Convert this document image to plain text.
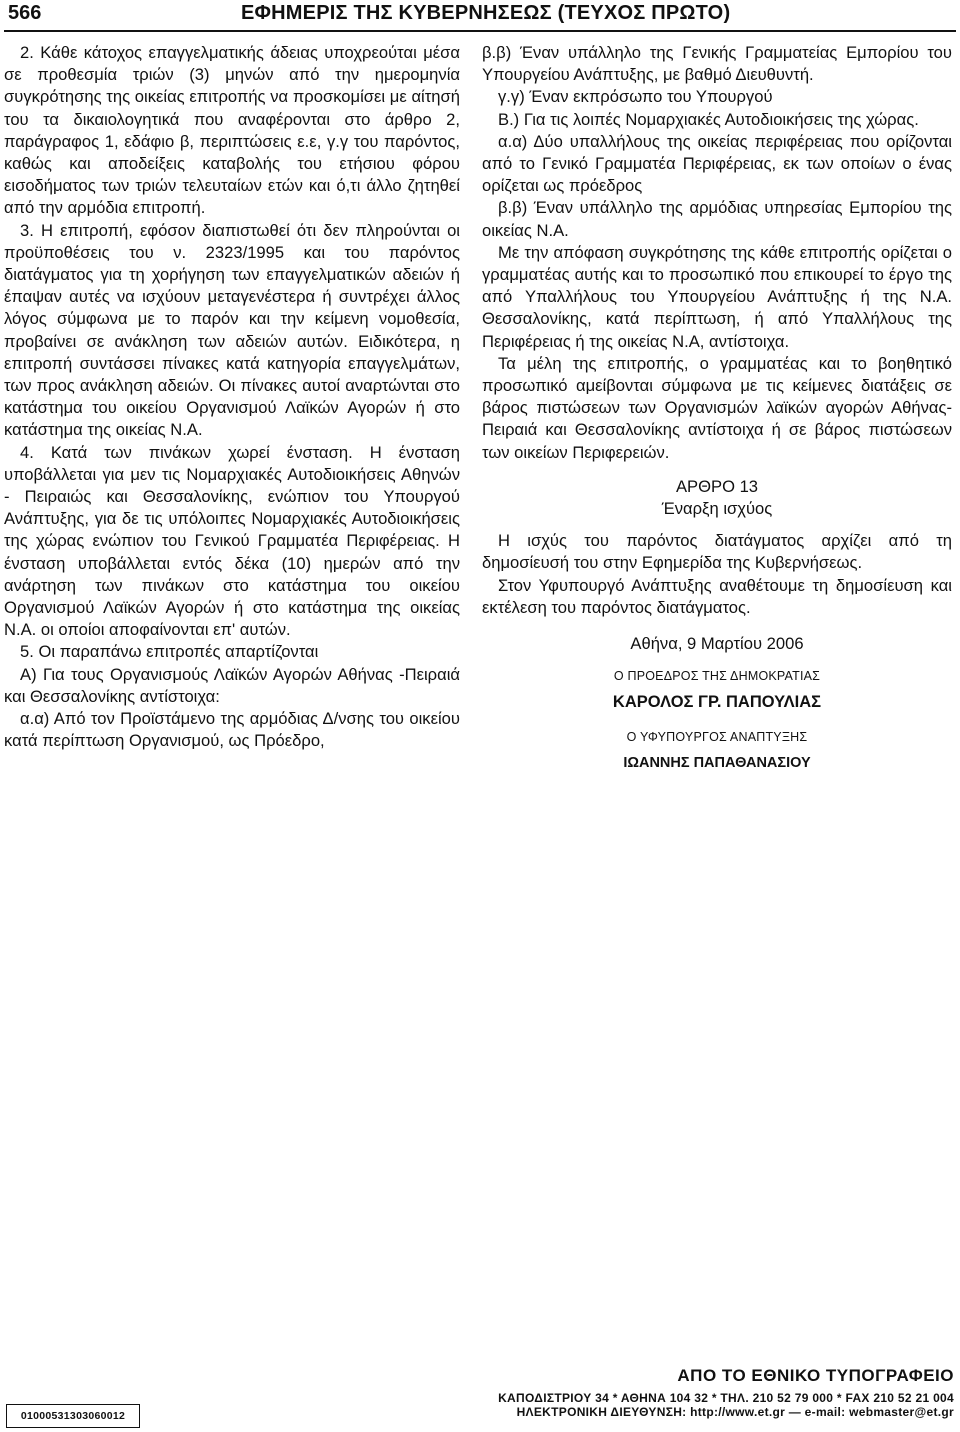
566	ΕΦΗΜΕΡΙΣ ΤΗΣ ΚΥΒΕΡΝΗΣΕΩΣ (ΤΕΥΧΟΣ ΠΡΩΤΟ)

2. Κάθε κάτοχος επαγγελματικής άδειας υποχρεούται μέσα σε προθεσμία τριών (3) μηνών από την ημερομηνία συγκρότησης της οικείας επιτροπής να προσκομίσει με αίτησή του τα δικαιολογητικά που αναφέρονται στο άρθρο 2, παράγραφος 1, εδάφιο β, περιπτώσεις ε.ε, γ.γ του παρόντος, καθώς και αποδείξεις καταβολής του ετήσιου φόρου εισοδήματος των τριών τελευταίων ετών και ό,τι άλλο ζητηθεί από την αρμόδια επιτροπή.

3. Η επιτροπή, εφόσον διαπιστωθεί ότι δεν πληρούνται οι προϋποθέσεις του ν. 2323/1995 και του παρόντος διατάγματος για τη χορήγηση των επαγγελματικών αδειών ή έπαψαν αυτές να ισχύουν μεταγενέστερα ή συντρέχει άλλος λόγος σύμφωνα με το παρόν και την κείμενη νομοθεσία, προβαίνει σε ανάκληση των αδειών αυτών. Ειδικότερα, η επιτροπή συντάσσει πίνακες κατά κατηγορία επαγγελμάτων, των προς ανάκληση αδειών. Οι πίνακες αυτοί αναρτώνται στο κατάστημα του οικείου Οργανισμού Λαϊκών Αγορών ή στο κατάστημα της οικείας Ν.Α.

4. Κατά των πινάκων χωρεί ένσταση. Η ένσταση υποβάλλεται για μεν τις Νομαρχιακές Αυτοδιοικήσεις Αθηνών - Πειραιώς και Θεσσαλονίκης, ενώπιον του Υπουργού Ανάπτυξης, για δε τις υπόλοιπες Νομαρχιακές Αυτοδιοικήσεις της χώρας ενώπιον του Γενικού Γραμματέα Περιφέρειας. Η ένσταση υποβάλλεται εντός δέκα (10) ημερών από την ανάρτηση των πινάκων στο κατάστημα του οικείου Οργανισμού Λαϊκών Αγορών ή στο κατάστημα της οικείας Ν.Α. οι οποίοι αποφαίνονται επ' αυτών.

5. Οι παραπάνω επιτροπές απαρτίζονται

Α) Για τους Οργανισμούς Λαϊκών Αγορών Αθήνας -Πειραιά και Θεσσαλονίκης αντίστοιχα:

α.α) Από τον Προϊστάμενο της αρμόδιας Δ/νσης του οικείου κατά περίπτωση Οργανισμού, ως Πρόεδρο,

β.β) Έναν υπάλληλο της Γενικής Γραμματείας Εμπορίου του Υπουργείου Ανάπτυξης, με βαθμό Διευθυντή.

γ.γ) Έναν εκπρόσωπο του Υπουργού

Β.) Για τις λοιπές Νομαρχιακές Αυτοδιοικήσεις της χώρας.

α.α) Δύο υπαλλήλους της οικείας περιφέρειας που ορίζονται από το Γενικό Γραμματέα Περιφέρειας, εκ των οποίων ο ένας ορίζεται ως πρόεδρος

β.β) Έναν υπάλληλο της αρμόδιας υπηρεσίας Εμπορίου της οικείας Ν.Α.

Με την απόφαση συγκρότησης της κάθε επιτροπής ορίζεται ο γραμματέας αυτής και το προσωπικό που επικουρεί το έργο της από Υπαλλήλους του Υπουργείου Ανάπτυξης ή της Ν.Α. Θεσσαλονίκης, κατά περίπτωση, ή από Υπαλλήλους της Περιφέρειας ή της οικείας Ν.Α, αντίστοιχα.

Τα μέλη της επιτροπής, ο γραμματέας και το βοηθητικό προσωπικό αμείβονται σύμφωνα με τις κείμενες διατάξεις σε βάρος πιστώσεων των Οργανισμών λαϊκών αγορών Αθήνας-Πειραιά και Θεσσαλονίκης αντίστοιχα ή σε βάρος πιστώσεων των οικείων Περιφερειών.

ΑΡΘΡΟ 13

Έναρξη ισχύος

Η ισχύς του παρόντος διατάγματος αρχίζει από τη δημοσίευσή του στην Εφημερίδα της Κυβερνήσεως.

Στον Υφυπουργό Ανάπτυξης αναθέτουμε τη δημοσίευση και εκτέλεση του παρόντος διατάγματος.

Αθήνα, 9 Μαρτίου 2006

Ο ΠΡΟΕΔΡΟΣ ΤΗΣ ΔΗΜΟΚΡΑΤΙΑΣ

ΚΑΡΟΛΟΣ ΓΡ. ΠΑΠΟΥΛΙΑΣ

Ο ΥΦΥΠΟΥΡΓΟΣ ΑΝΑΠΤΥΞΗΣ

ΙΩΑΝΝΗΣ ΠΑΠΑΘΑΝΑΣΙΟΥ

ΑΠΟ ΤΟ ΕΘΝΙΚΟ ΤΥΠΟΓΡΑΦΕΙΟ
ΚΑΠΟΔΙΣΤΡΙΟΥ 34 * ΑΘΗΝΑ 104 32 * ΤΗΛ. 210 52 79 000 * FAX 210 52 21 004
ΗΛΕΚΤΡΟΝΙΚΗ ΔΙΕΥΘΥΝΣΗ: http://www.et.gr — e-mail: webmaster@et.gr
01000531303060012
